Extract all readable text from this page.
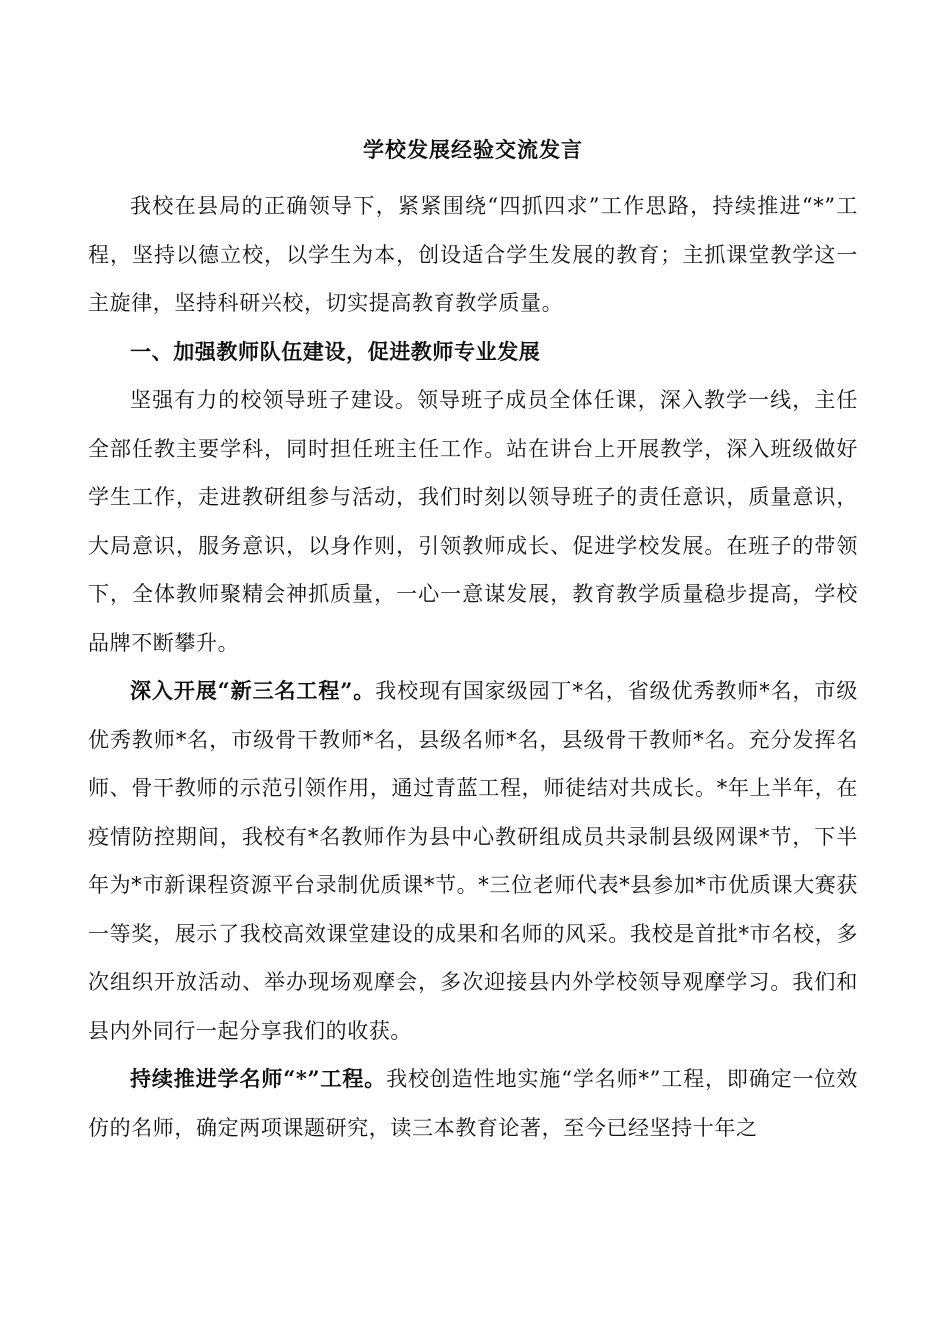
学校发展经验交流发言

我校在县局的正确领导下，紧紧围绕“四抓四求”工作思路，持续推进“*”工程，坚持以德立校，以学生为本，创设适合学生发展的教育；主抓课堂教学这一主旋律，坚持科研兴校，切实提高教育教学质量。

一、加强教师队伍建设，促进教师专业发展

坚强有力的校领导班子建设。领导班子成员全体任课，深入教学一线，主任全部任教主要学科，同时担任班主任工作。站在讲台上开展教学，深入班级做好学生工作，走进教研组参与活动，我们时刻以领导班子的责任意识，质量意识，大局意识，服务意识，以身作则，引领教师成长、促进学校发展。在班子的带领下，全体教师聚精会神抓质量，一心一意谋发展，教育教学质量稳步提高，学校品牌不断攀升。

深入开展“新三名工程”。我校现有国家级园丁*名，省级优秀教师*名，市级优秀教师*名，市级骨干教师*名，县级名师*名，县级骨干教师*名。充分发挥名师、骨干教师的示范引领作用，通过青蓝工程，师徒结对共成长。*年上半年，在疫情防控期间，我校有*名教师作为县中心教研组成员共录制县级网课*节，下半年为*市新课程资源平台录制优质课*节。*三位老师代表*县参加*市优质课大赛获一等奖，展示了我校高效课堂建设的成果和名师的风采。我校是首批*市名校，多次组织开放活动、举办现场观摩会，多次迎接县内外学校领导观摩学习。我们和县内外同行一起分享我们的收获。

持续推进学名师“*”工程。我校创造性地实施“学名师*”工程，即确定一位效仿的名师，确定两项课题研究，读三本教育论著，至今已经坚持十年之
